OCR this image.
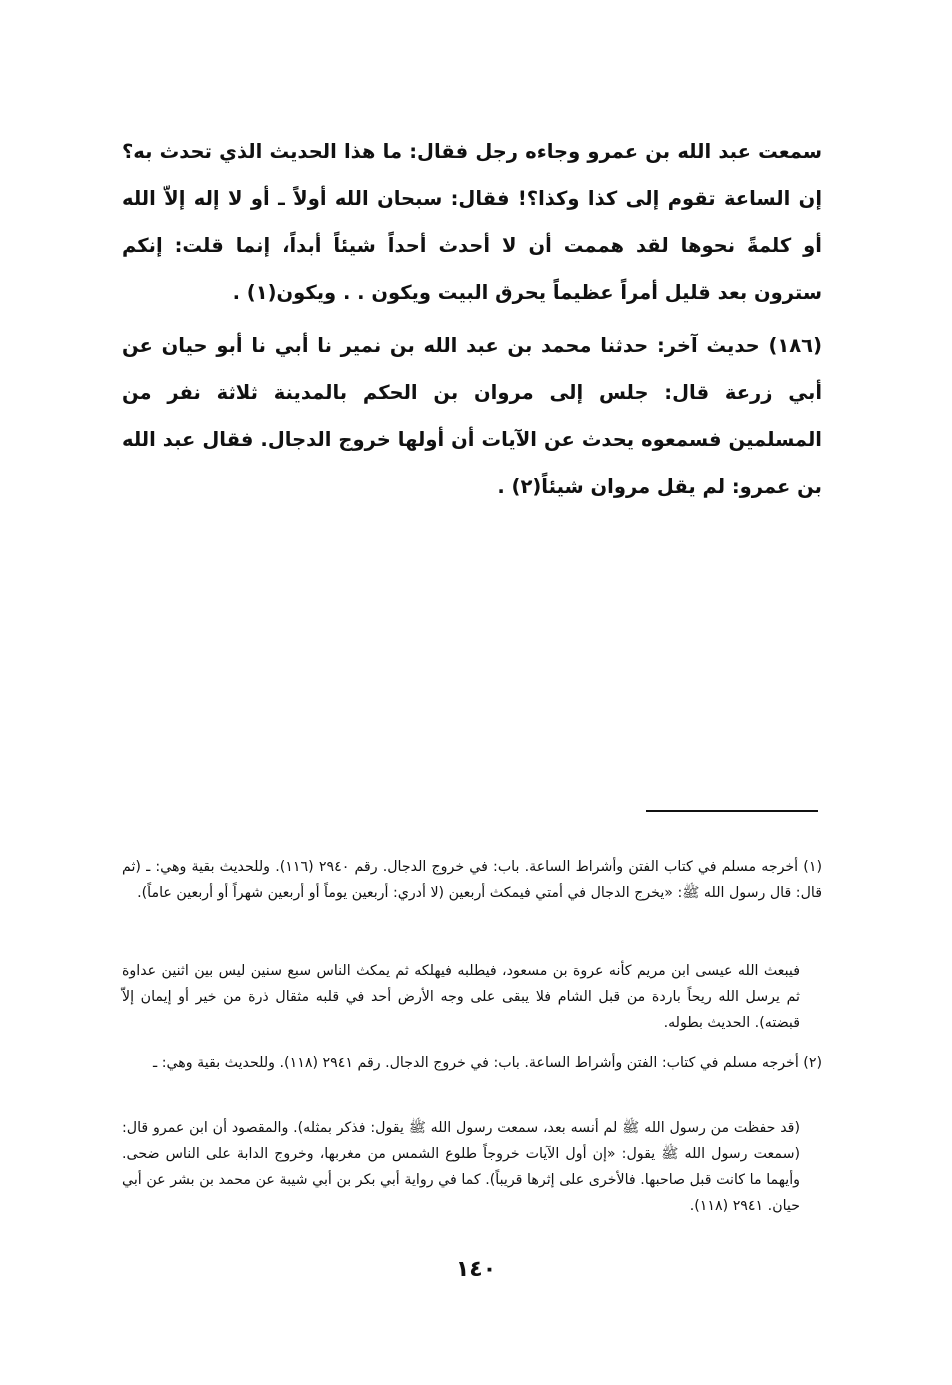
سمعت عبد الله بن عمرو وجاءه رجل فقال: ما هذا الحديث الذي تحدث به؟ إن الساعة تقوم إلى كذا وكذا؟! فقال: سبحان الله أولاً ـ أو لا إله إلاّ الله أو كلمةً نحوها لقد هممت أن لا أحدث أحداً شيئاً أبداً، إنما قلت: إنكم سترون بعد قليل أمراً عظيماً يحرق البيت ويكون . . ويكون(١) .
(١٨٦) حديث آخر: حدثنا محمد بن عبد الله بن نمير نا أبي نا أبو حيان عن أبي زرعة قال: جلس إلى مروان بن الحكم بالمدينة ثلاثة نفر من المسلمين فسمعوه يحدث عن الآيات أن أولها خروج الدجال. فقال عبد الله بن عمرو: لم يقل مروان شيئاً(٢) .
(١) أخرجه مسلم في كتاب الفتن وأشراط الساعة. باب: في خروج الدجال. رقم ٢٩٤٠ (١١٦). وللحديث بقية وهي: ـ (ثم قال: قال رسول الله ﷺ: «يخرج الدجال في أمتي فيمكث أربعين (لا أدري: أربعين يوماً أو أربعين شهراً أو أربعين عاماً).
فيبعث الله عيسى ابن مريم كأنه عروة بن مسعود، فيطلبه فيهلكه ثم يمكث الناس سبع سنين ليس بين اثنين عداوة ثم يرسل الله ريحاً باردة من قبل الشام فلا يبقى على وجه الأرض أحد في قلبه مثقال ذرة من خير أو إيمان إلاّ قبضته). الحديث بطوله.
(٢) أخرجه مسلم في كتاب: الفتن وأشراط الساعة. باب: في خروج الدجال. رقم ٢٩٤١ (١١٨). وللحديث بقية وهي: ـ
(قد حفظت من رسول الله ﷺ لم أنسه بعد، سمعت رسول الله ﷺ يقول: فذكر بمثله). والمقصود أن ابن عمرو قال: (سمعت رسول الله ﷺ يقول: «إن أول الآيات خروجاً طلوع الشمس من مغربها، وخروج الدابة على الناس ضحى. وأيهما ما كانت قبل صاحبها. فالأخرى على إثرها قريباً). كما في رواية أبي بكر بن أبي شيبة عن محمد بن بشر عن أبي حيان. ٢٩٤١ (١١٨).
١٤٠
